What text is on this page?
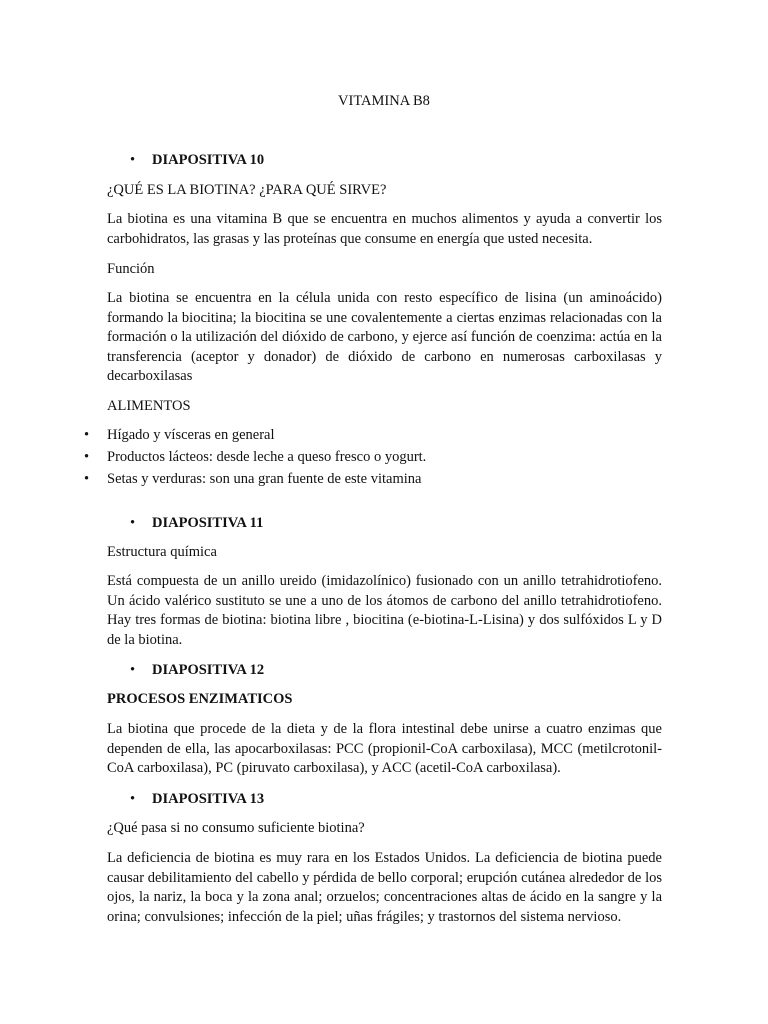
VITAMINA B8
• DIAPOSITIVA 10
¿QUÉ ES LA BIOTINA? ¿PARA QUÉ SIRVE?
La biotina es una vitamina B que se encuentra en muchos alimentos y ayuda a convertir los carbohidratos, las grasas y las proteínas que consume en energía que usted necesita.
Función
La biotina se encuentra en la célula unida con resto específico de lisina (un aminoácido) formando la biocitina; la biocitina se une covalentemente a ciertas enzimas relacionadas con la formación o la utilización del dióxido de carbono, y ejerce así función de coenzima: actúa en la transferencia (aceptor y donador) de dióxido de carbono en numerosas carboxilasas y decarboxilasas
ALIMENTOS
• Hígado y vísceras en general
• Productos lácteos: desde leche a queso fresco o yogurt.
• Setas y verduras: son una gran fuente de este vitamina
• DIAPOSITIVA 11
Estructura química
Está compuesta de un anillo ureido (imidazolínico) fusionado con un anillo tetrahidrotiofeno. Un ácido valérico sustituto se une a uno de los átomos de carbono del anillo tetrahidrotiofeno. Hay tres formas de biotina: biotina libre , biocitina (e-biotina-L-Lisina) y dos sulfóxidos L y D de la biotina.
• DIAPOSITIVA 12
PROCESOS ENZIMATICOS
La biotina que procede de la dieta y de la flora intestinal debe unirse a cuatro enzimas que dependen de ella, las apocarboxilasas: PCC (propionil-CoA carboxilasa), MCC (metilcrotonil-CoA carboxilasa), PC (piruvato carboxilasa), y ACC (acetil-CoA carboxilasa).
• DIAPOSITIVA 13
¿Qué pasa si no consumo suficiente biotina?
La deficiencia de biotina es muy rara en los Estados Unidos. La deficiencia de biotina puede causar debilitamiento del cabello y pérdida de bello corporal; erupción cutánea alrededor de los ojos, la nariz, la boca y la zona anal; orzuelos; concentraciones altas de ácido en la sangre y la orina; convulsiones; infección de la piel; uñas frágiles; y trastornos del sistema nervioso.
